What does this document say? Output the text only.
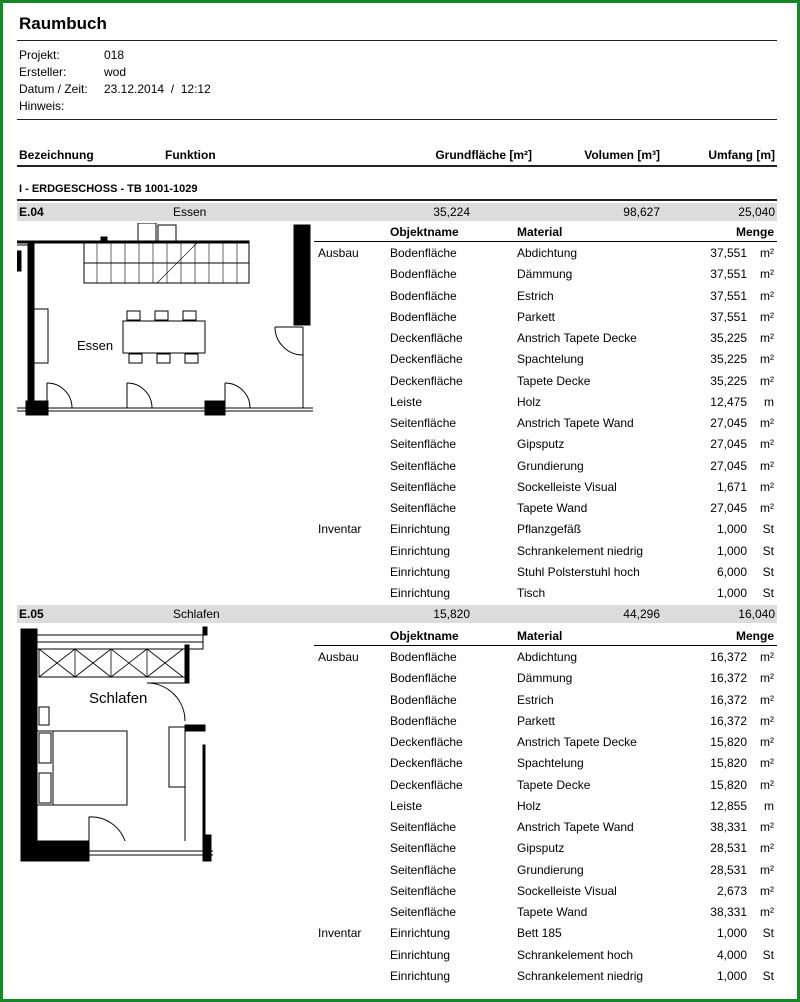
Raumbuch
Projekt:	018
Ersteller:	wod
Datum / Zeit: 23.12.2014  /  12:12
Hinweis:
Bezeichnung	Funktion	Grundfläche [m²]	Volumen [m³]	Umfang [m]
I - ERDGESCHOSS - TB 1001-1029
E.04	Essen	35,224	98,627	25,040
Objektname	Material	Menge
Ausbau	Bodenfläche	Abdichtung	37,551	m²
Bodenfläche	Dämmung	37,551	m²
Bodenfläche	Estrich	37,551	m²
Bodenfläche	Parkett	37,551	m²
Deckenfläche	Anstrich Tapete Decke	35,225	m²
Deckenfläche	Spachtelung	35,225	m²
Deckenfläche	Tapete Decke	35,225	m²
Leiste	Holz	12,475	m
Seitenfläche	Anstrich Tapete Wand	27,045	m²
Seitenfläche	Gipsputz	27,045	m²
Seitenfläche	Grundierung	27,045	m²
Seitenfläche	Sockelleiste Visual	1,671	m²
Seitenfläche	Tapete Wand	27,045	m²
Inventar Einrichtung	Pflanzgefäß	1,000	St
Einrichtung	Schrankelement niedrig	1,000	St
Einrichtung	Stuhl Polsterstuhl hoch	6,000	St
Einrichtung	Tisch	1,000	St
Essen
E.05	Schlafen	15,820	44,296	16,040
Objektname	Material	Menge
Ausbau	Bodenfläche	Abdichtung	16,372	m²
Bodenfläche	Dämmung	16,372	m²
Bodenfläche	Estrich	16,372	m²
Bodenfläche	Parkett	16,372	m²
Deckenfläche	Anstrich Tapete Decke	15,820	m²
Deckenfläche	Spachtelung	15,820	m²
Deckenfläche	Tapete Decke	15,820	m²
Leiste	Holz	12,855	m
Seitenfläche	Anstrich Tapete Wand	38,331	m²
Seitenfläche	Gipsputz	28,531	m²
Seitenfläche	Grundierung	28,531	m²
Seitenfläche	Sockelleiste Visual	2,673	m²
Seitenfläche	Tapete Wand	38,331	m²
Inventar Einrichtung	Bett 185	1,000	St
Einrichtung	Schrankelement hoch	4,000	St
Einrichtung	Schrankelement niedrig	1,000	St
Schlafen
